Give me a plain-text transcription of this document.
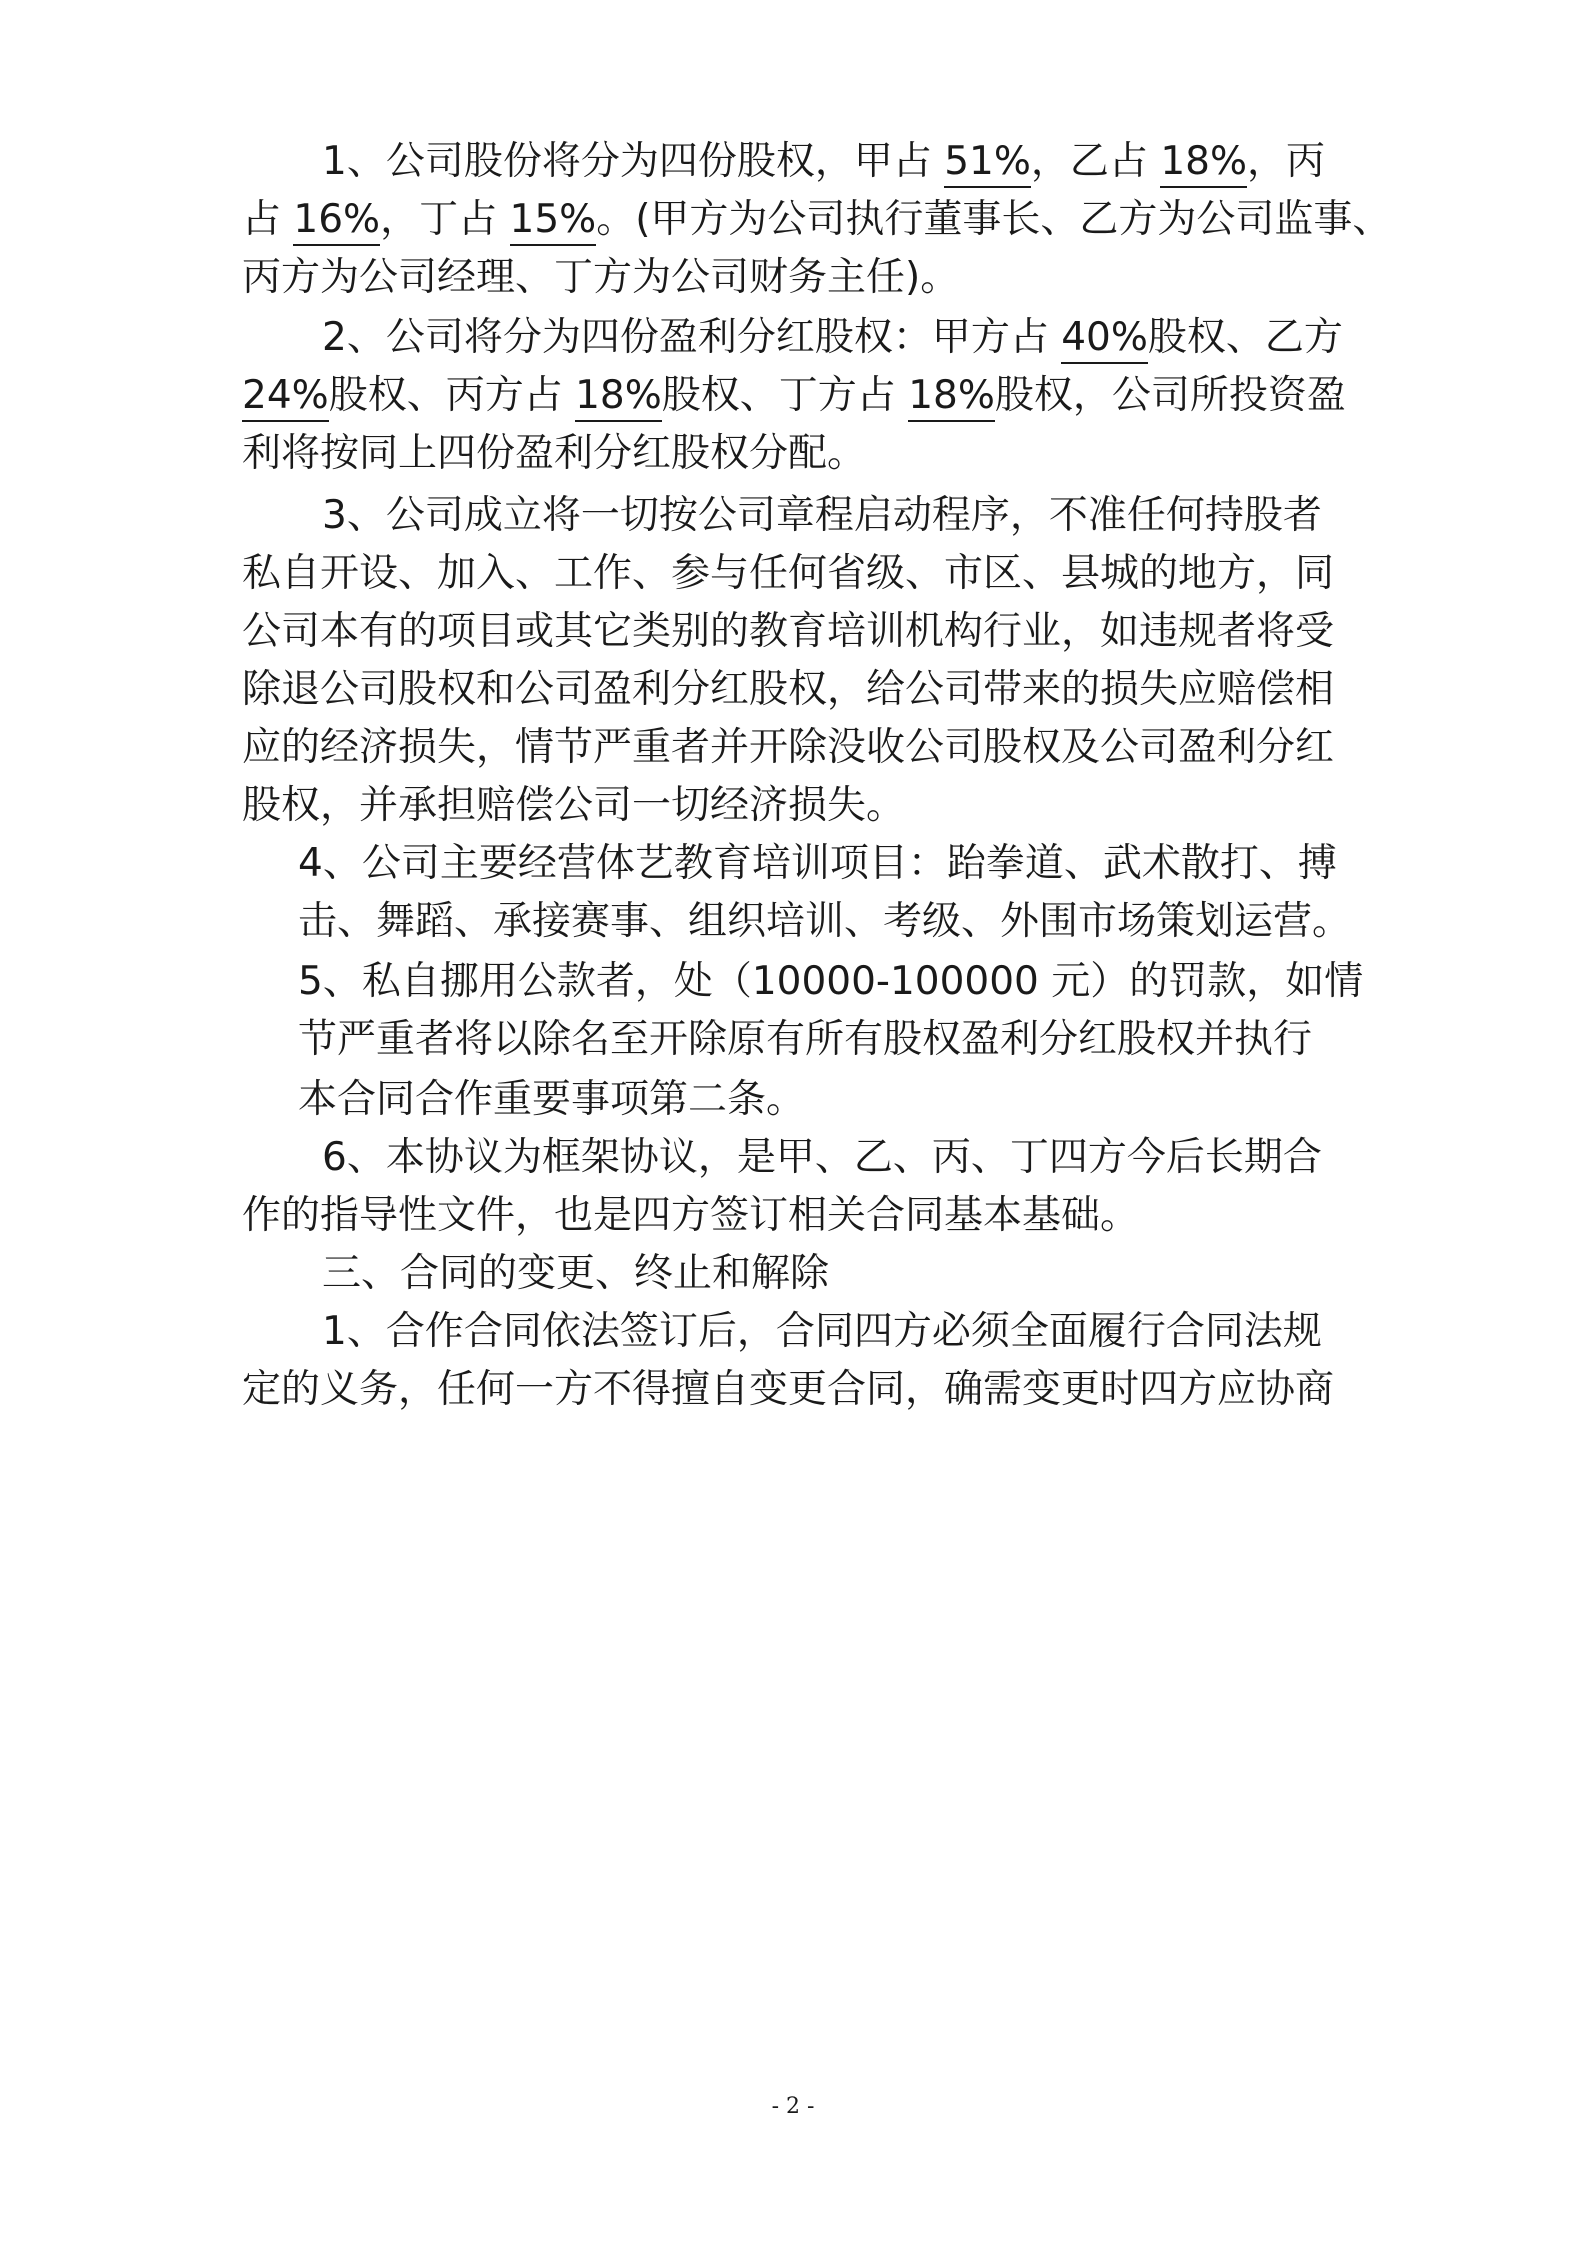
1、公司股份将分为四份股权，甲占 51%，乙占 18%，丙
占 16%，丁占 15%。(甲方为公司执行董事长、乙方为公司监事、
丙方为公司经理、丁方为公司财务主任)。
2、公司将分为四份盈利分红股权：甲方占 40%股权、乙方
24%股权、丙方占 18%股权、丁方占 18%股权，公司所投资盈
利将按同上四份盈利分红股权分配。
3、公司成立将一切按公司章程启动程序，不准任何持股者
私自开设、加入、工作、参与任何省级、市区、县城的地方，同
公司本有的项目或其它类别的教育培训机构行业，如违规者将受
除退公司股权和公司盈利分红股权，给公司带来的损失应赔偿相
应的经济损失，情节严重者并开除没收公司股权及公司盈利分红
股权，并承担赔偿公司一切经济损失。
4、公司主要经营体艺教育培训项目：跆拳道、武术散打、搏
击、舞蹈、承接赛事、组织培训、考级、外围市场策划运营。
5、私自挪用公款者，处（10000-100000 元）的罚款，如情
节严重者将以除名至开除原有所有股权盈利分红股权并执行
本合同合作重要事项第二条。
6、本协议为框架协议，是甲、乙、丙、丁四方今后长期合
作的指导性文件，也是四方签订相关合同基本基础。
三、合同的变更、终止和解除
1、合作合同依法签订后，合同四方必须全面履行合同法规
定的义务，任何一方不得擅自变更合同，确需变更时四方应协商
- 2 -
